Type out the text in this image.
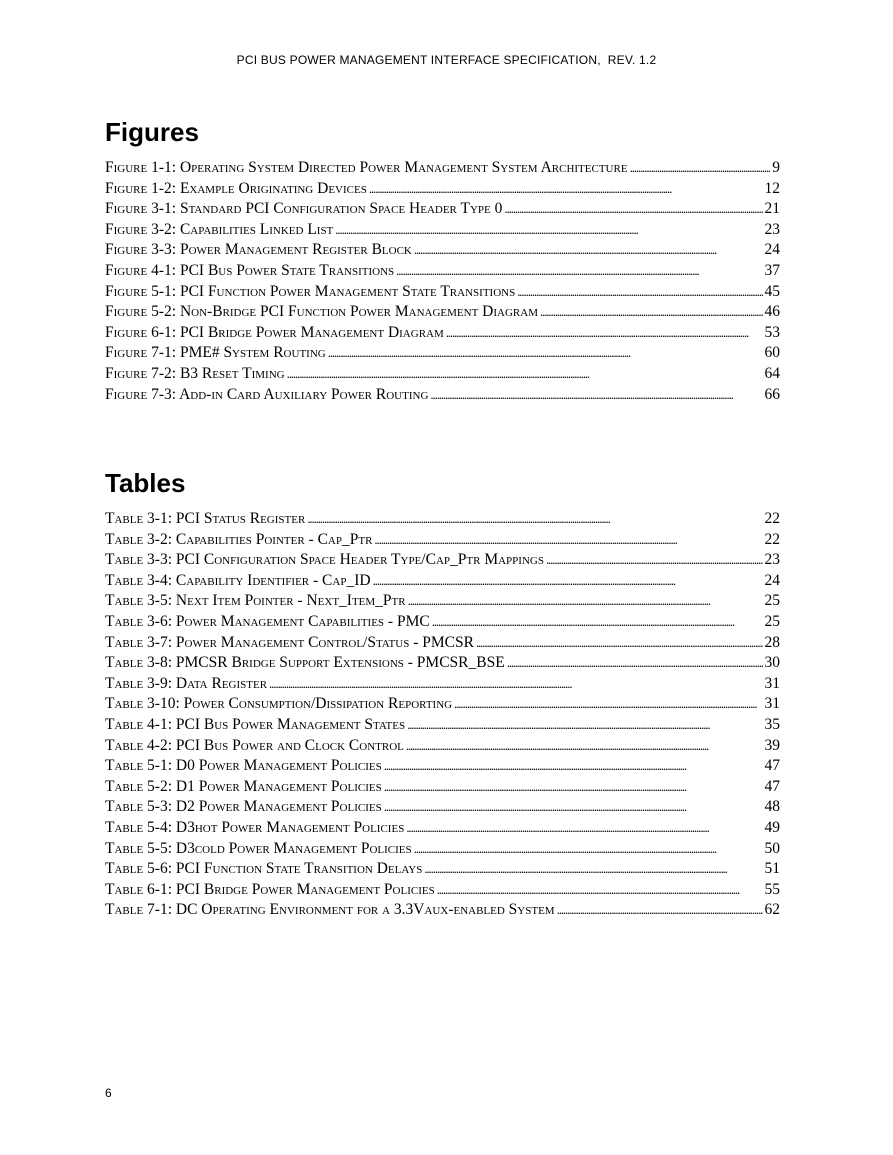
PCI BUS POWER MANAGEMENT INTERFACE SPECIFICATION,  REV. 1.2
Figures
Figure 1-1: Operating System Directed Power Management System Architecture . . .	9
Figure 1-2: Example Originating Devices . . .	12
Figure 3-1: Standard PCI Configuration Space Header Type 0 . . .	21
Figure 3-2: Capabilities Linked List . . .	23
Figure 3-3: Power Management Register Block . . .	24
Figure 4-1: PCI Bus Power State Transitions . . .	37
Figure 5-1: PCI Function Power Management State Transitions . . .	45
Figure 5-2: Non-Bridge PCI Function Power Management Diagram . . .	46
Figure 6-1: PCI Bridge Power Management Diagram . . .	53
Figure 7-1: PME# System Routing . . .	60
Figure 7-2: B3 Reset Timing . . .	64
Figure 7-3: Add-in Card Auxiliary Power Routing . . .	66
Tables
Table 3-1: PCI Status Register . . .	22
Table 3-2: Capabilities Pointer - Cap_Ptr . . .	22
Table 3-3: PCI Configuration Space Header Type/Cap_Ptr Mappings . . .	23
Table 3-4: Capability Identifier - Cap_ID . . .	24
Table 3-5: Next Item Pointer - Next_Item_Ptr . . .	25
Table 3-6: Power Management Capabilities - PMC . . .	25
Table 3-7: Power Management Control/Status - PMCSR . . .	28
Table 3-8: PMCSR Bridge Support Extensions - PMCSR_BSE . . .	30
Table 3-9: Data Register . . .	31
Table 3-10: Power Consumption/Dissipation Reporting . . .	31
Table 4-1: PCI Bus Power Management States . . .	35
Table 4-2: PCI Bus Power and Clock Control . . .	39
Table 5-1: D0 Power Management Policies . . .	47
Table 5-2: D1 Power Management Policies . . .	47
Table 5-3: D2 Power Management Policies . . .	48
Table 5-4: D3hot Power Management Policies . . .	49
Table 5-5: D3cold Power Management Policies . . .	50
Table 5-6: PCI Function State Transition Delays . . .	51
Table 6-1: PCI Bridge Power Management Policies . . .	55
Table 7-1: DC Operating Environment for a 3.3Vaux-enabled System . . .	62
6
